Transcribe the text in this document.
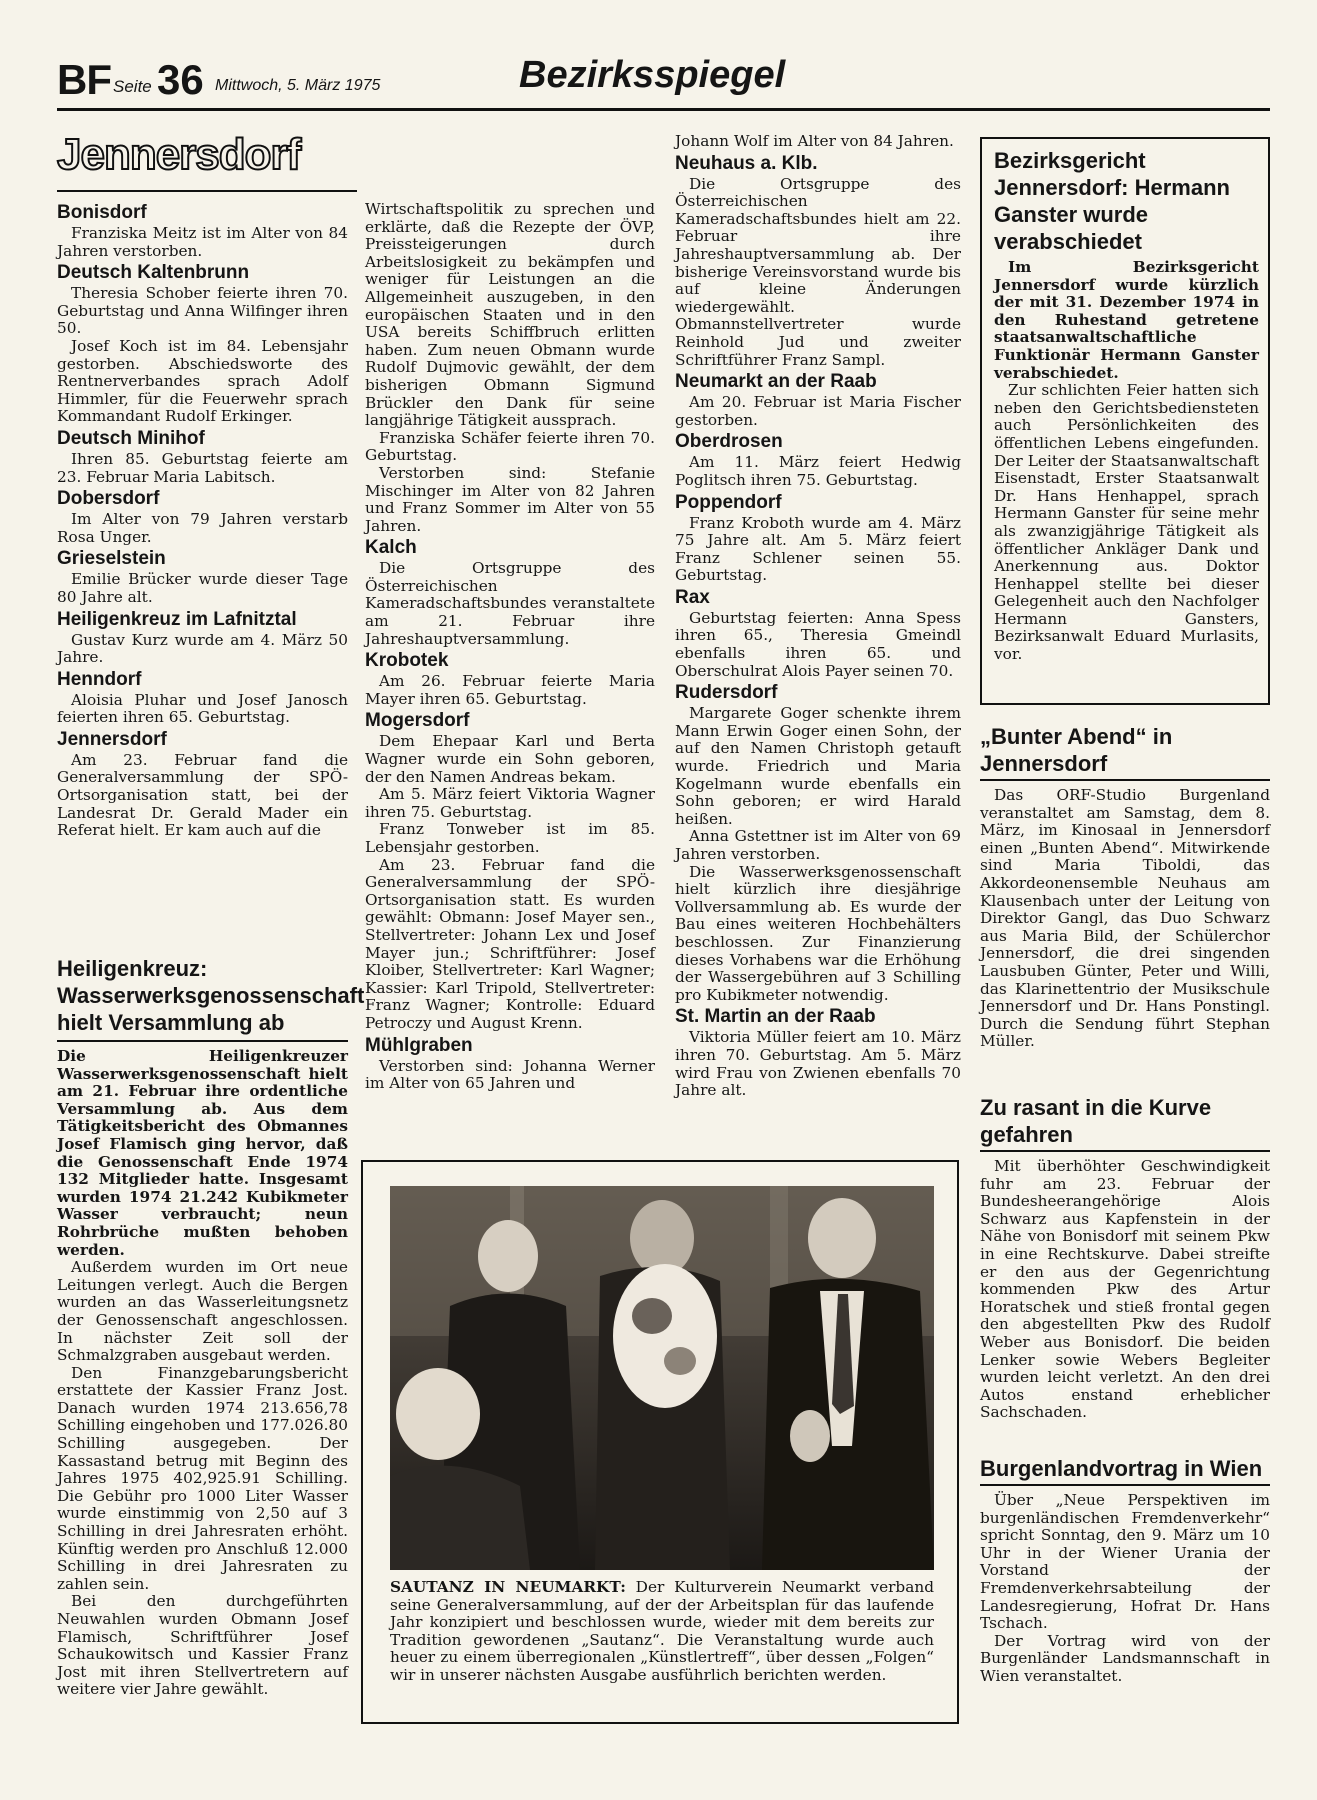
BF Seite 36 Mittwoch, 5. März 1975	Bezirksspiegel
Jennersdorf
Bonisdorf

Franziska Meitz ist im Alter von 84 Jahren verstorben.

Deutsch Kaltenbrunn

Theresia Schober feierte ihren 70. Geburtstag und Anna Wilfinger ihren 50.

Josef Koch ist im 84. Lebensjahr gestorben. Abschiedsworte des Rentnerverbandes sprach Adolf Himmler, für die Feuerwehr sprach Kommandant Rudolf Erkinger.

Deutsch Minihof

Ihren 85. Geburtstag feierte am 23. Februar Maria Labitsch.

Dobersdorf

Im Alter von 79 Jahren verstarb Rosa Unger.

Grieselstein

Emilie Brücker wurde dieser Tage 80 Jahre alt.

Heiligenkreuz im Lafnitztal

Gustav Kurz wurde am 4. März 50 Jahre.

Henndorf

Aloisia Pluhar und Josef Janosch feierten ihren 65. Geburtstag.

Jennersdorf

Am 23. Februar fand die Generalversammlung der SPÖ-Ortsorganisation statt, bei der Landesrat Dr. Gerald Mader ein Referat hielt. Er kam auch auf die

Heiligenkreuz: Wasserwerksgenossenschaft hielt Versammlung ab

Die Heiligenkreuzer Wasserwerksgenossenschaft hielt am 21. Februar ihre ordentliche Versammlung ab. Aus dem Tätigkeitsbericht des Obmannes Josef Flamisch ging hervor, daß die Genossenschaft Ende 1974 132 Mitglieder hatte. Insgesamt wurden 1974 21.242 Kubikmeter Wasser verbraucht; neun Rohrbrüche mußten behoben werden.

Außerdem wurden im Ort neue Leitungen verlegt. Auch die Bergen wurden an das Wasserleitungsnetz der Genossenschaft angeschlossen. In nächster Zeit soll der Schmalzgraben ausgebaut werden.

Den Finanzgebarungsbericht erstattete der Kassier Franz Jost. Danach wurden 1974 213.656,78 Schilling eingehoben und 177.026.80 Schilling ausgegeben. Der Kassastand betrug mit Beginn des Jahres 1975 402,925.91 Schilling. Die Gebühr pro 1000 Liter Wasser wurde einstimmig von 2,50 auf 3 Schilling in drei Jahresraten erhöht. Künftig werden pro Anschluß 12.000 Schilling in drei Jahresraten zu zahlen sein.

Bei den durchgeführten Neuwahlen wurden Obmann Josef Flamisch, Schriftführer Josef Schaukowitsch und Kassier Franz Jost mit ihren Stellvertretern auf weitere vier Jahre gewählt.

Wirtschaftspolitik zu sprechen und erklärte, daß die Rezepte der ÖVP, Preissteigerungen durch Arbeitslosigkeit zu bekämpfen und weniger für Leistungen an die Allgemeinheit auszugeben, in den europäischen Staaten und in den USA bereits Schiffbruch erlitten haben. Zum neuen Obmann wurde Rudolf Dujmovic gewählt, der dem bisherigen Obmann Sigmund Brückler den Dank für seine langjährige Tätigkeit aussprach.

Franziska Schäfer feierte ihren 70. Geburtstag.

Verstorben sind: Stefanie Mischinger im Alter von 82 Jahren und Franz Sommer im Alter von 55 Jahren.

Kalch

Die Ortsgruppe des Österreichischen Kameradschaftsbundes veranstaltete am 21. Februar ihre Jahreshauptversammlung.

Krobotek

Am 26. Februar feierte Maria Mayer ihren 65. Geburtstag.

Mogersdorf

Dem Ehepaar Karl und Berta Wagner wurde ein Sohn geboren, der den Namen Andreas bekam.

Am 5. März feiert Viktoria Wagner ihren 75. Geburtstag.

Franz Tonweber ist im 85. Lebensjahr gestorben.

Am 23. Februar fand die Generalversammlung der SPÖ-Ortsorganisation statt. Es wurden gewählt: Obmann: Josef Mayer sen., Stellvertreter: Johann Lex und Josef Mayer jun.; Schriftführer: Josef Kloiber, Stellvertreter: Karl Wagner; Kassier: Karl Tripold, Stellvertreter: Franz Wagner; Kontrolle: Eduard Petroczy und August Krenn.

Mühlgraben

Verstorben sind: Johanna Werner im Alter von 65 Jahren und

Johann Wolf im Alter von 84 Jahren.

Neuhaus a. Klb.

Die Ortsgruppe des Österreichischen Kameradschaftsbundes hielt am 22. Februar ihre Jahreshauptversammlung ab. Der bisherige Vereinsvorstand wurde bis auf kleine Änderungen wiedergewählt. Obmannstellvertreter wurde Reinhold Jud und zweiter Schriftführer Franz Sampl.

Neumarkt an der Raab

Am 20. Februar ist Maria Fischer gestorben.

Oberdrosen

Am 11. März feiert Hedwig Poglitsch ihren 75. Geburtstag.

Poppendorf

Franz Kroboth wurde am 4. März 75 Jahre alt. Am 5. März feiert Franz Schlener seinen 55. Geburtstag.

Rax

Geburtstag feierten: Anna Spess ihren 65., Theresia Gmeindl ebenfalls ihren 65. und Oberschulrat Alois Payer seinen 70.

Rudersdorf

Margarete Goger schenkte ihrem Mann Erwin Goger einen Sohn, der auf den Namen Christoph getauft wurde. Friedrich und Maria Kogelmann wurde ebenfalls ein Sohn geboren; er wird Harald heißen.

Anna Gstettner ist im Alter von 69 Jahren verstorben.

Die Wasserwerksgenossenschaft hielt kürzlich ihre diesjährige Vollversammlung ab. Es wurde der Bau eines weiteren Hochbehälters beschlossen. Zur Finanzierung dieses Vorhabens war die Erhöhung der Wassergebühren auf 3 Schilling pro Kubikmeter notwendig.

St. Martin an der Raab

Viktoria Müller feiert am 10. März ihren 70. Geburtstag. Am 5. März wird Frau von Zwienen ebenfalls 70 Jahre alt.

Bezirksgericht Jennersdorf: Hermann Ganster wurde verabschiedet

Im Bezirksgericht Jennersdorf wurde kürzlich der mit 31. Dezember 1974 in den Ruhestand getretene staatsanwaltschaftliche Funktionär Hermann Ganster verabschiedet.

Zur schlichten Feier hatten sich neben den Gerichtsbediensteten auch Persönlichkeiten des öffentlichen Lebens eingefunden. Der Leiter der Staatsanwaltschaft Eisenstadt, Erster Staatsanwalt Dr. Hans Henhappel, sprach Hermann Ganster für seine mehr als zwanzigjährige Tätigkeit als öffentlicher Ankläger Dank und Anerkennung aus. Doktor Henhappel stellte bei dieser Gelegenheit auch den Nachfolger Hermann Gansters, Bezirksanwalt Eduard Murlasits, vor.

„Bunter Abend“ in Jennersdorf

Das ORF-Studio Burgenland veranstaltet am Samstag, dem 8. März, im Kinosaal in Jennersdorf einen „Bunten Abend“. Mitwirkende sind Maria Tiboldi, das Akkordeonensemble Neuhaus am Klausenbach unter der Leitung von Direktor Gangl, das Duo Schwarz aus Maria Bild, der Schülerchor Jennersdorf, die drei singenden Lausbuben Günter, Peter und Willi, das Klarinettentrio der Musikschule Jennersdorf und Dr. Hans Ponstingl. Durch die Sendung führt Stephan Müller.

Zu rasant in die Kurve gefahren

Mit überhöhter Geschwindigkeit fuhr am 23. Februar der Bundesheerangehörige Alois Schwarz aus Kapfenstein in der Nähe von Bonisdorf mit seinem Pkw in eine Rechtskurve. Dabei streifte er den aus der Gegenrichtung kommenden Pkw des Artur Horatschek und stieß frontal gegen den abgestellten Pkw des Rudolf Weber aus Bonisdorf. Die beiden Lenker sowie Webers Begleiter wurden leicht verletzt. An den drei Autos enstand erheblicher Sachschaden.

Burgenlandvortrag in Wien

Über „Neue Perspektiven im burgenländischen Fremdenverkehr“ spricht Sonntag, den 9. März um 10 Uhr in der Wiener Urania der Vorstand der Fremdenverkehrsabteilung der Landesregierung, Hofrat Dr. Hans Tschach.

Der Vortrag wird von der Burgenländer Landsmannschaft in Wien veranstaltet.

SAUTANZ IN NEUMARKT: Der Kulturverein Neumarkt verband seine Generalversammlung, auf der der Arbeitsplan für das laufende Jahr konzipiert und beschlossen wurde, wieder mit dem bereits zur Tradition gewordenen „Sautanz“. Die Veranstaltung wurde auch heuer zu einem überregionalen „Künstlertreff“, über dessen „Folgen“ wir in unserer nächsten Ausgabe ausführlich berichten werden.
